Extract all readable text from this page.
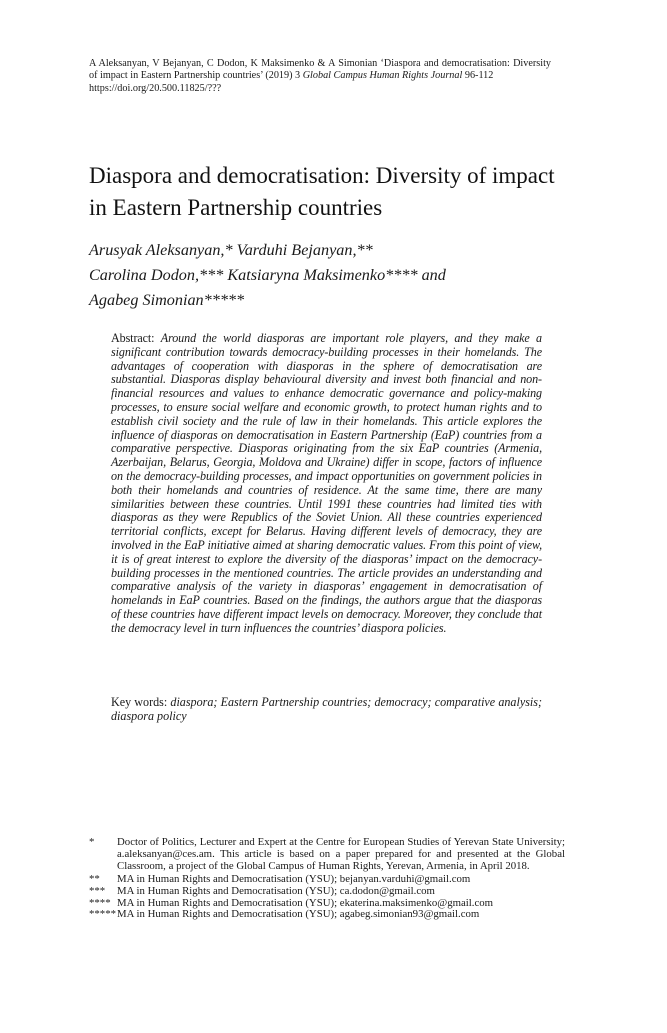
A Aleksanyan, V Bejanyan, C Dodon, K Maksimenko & A Simonian ‘Diaspora and democratisation: Diversity of impact in Eastern Partnership countries’ (2019) 3 Global Campus Human Rights Journal 96-112
https://doi.org/20.500.11825/???
Diaspora and democratisation: Diversity of impact in Eastern Partnership countries
Arusyak Aleksanyan,* Varduhi Bejanyan,**
Carolina Dodon,*** Katsiaryna Maksimenko**** and
Agabeg Simonian*****

Abstract: Around the world diasporas are important role players, and they make a significant contribution towards democracy-building processes in their homelands. The advantages of cooperation with diasporas in the sphere of democratisation are substantial. Diasporas display behavioural diversity and invest both financial and non-financial resources and values to enhance democratic governance and policy-making processes, to ensure social welfare and economic growth, to protect human rights and to establish civil society and the rule of law in their homelands. This article explores the influence of diasporas on democratisation in Eastern Partnership (EaP) countries from a comparative perspective. Diasporas originating from the six EaP countries (Armenia, Azerbaijan, Belarus, Georgia, Moldova and Ukraine) differ in scope, factors of influence on the democracy-building processes, and impact opportunities on government policies in both their homelands and countries of residence. At the same time, there are many similarities between these countries. Until 1991 these countries had limited ties with diasporas as they were Republics of the Soviet Union. All these countries experienced territorial conflicts, except for Belarus. Having different levels of democracy, they are involved in the EaP initiative aimed at sharing democratic values. From this point of view, it is of great interest to explore the diversity of the diasporas’ impact on the democracy-building processes in the mentioned countries. The article provides an understanding and comparative analysis of the variety in diasporas’ engagement in democratisation of homelands in EaP countries. Based on the findings, the authors argue that the diasporas of these countries have different impact levels on democracy. Moreover, they conclude that the democracy level in turn influences the countries’ diaspora policies.

Key words: diaspora; Eastern Partnership countries; democracy; comparative analysis; diaspora policy

*	Doctor of Politics, Lecturer and Expert at the Centre for European Studies of Yerevan State University; a.aleksanyan@ces.am. This article is based on a paper prepared for and presented at the Global Classroom, a project of the Global Campus of Human Rights, Yerevan, Armenia, in April 2018.
**	MA in Human Rights and Democratisation (YSU); bejanyan.varduhi@gmail.com
***	MA in Human Rights and Democratisation (YSU); ca.dodon@gmail.com
**** MA in Human Rights and Democratisation (YSU); ekaterina.maksimenko@gmail.com
***** MA in Human Rights and Democratisation (YSU); agabeg.simonian93@gmail.com
